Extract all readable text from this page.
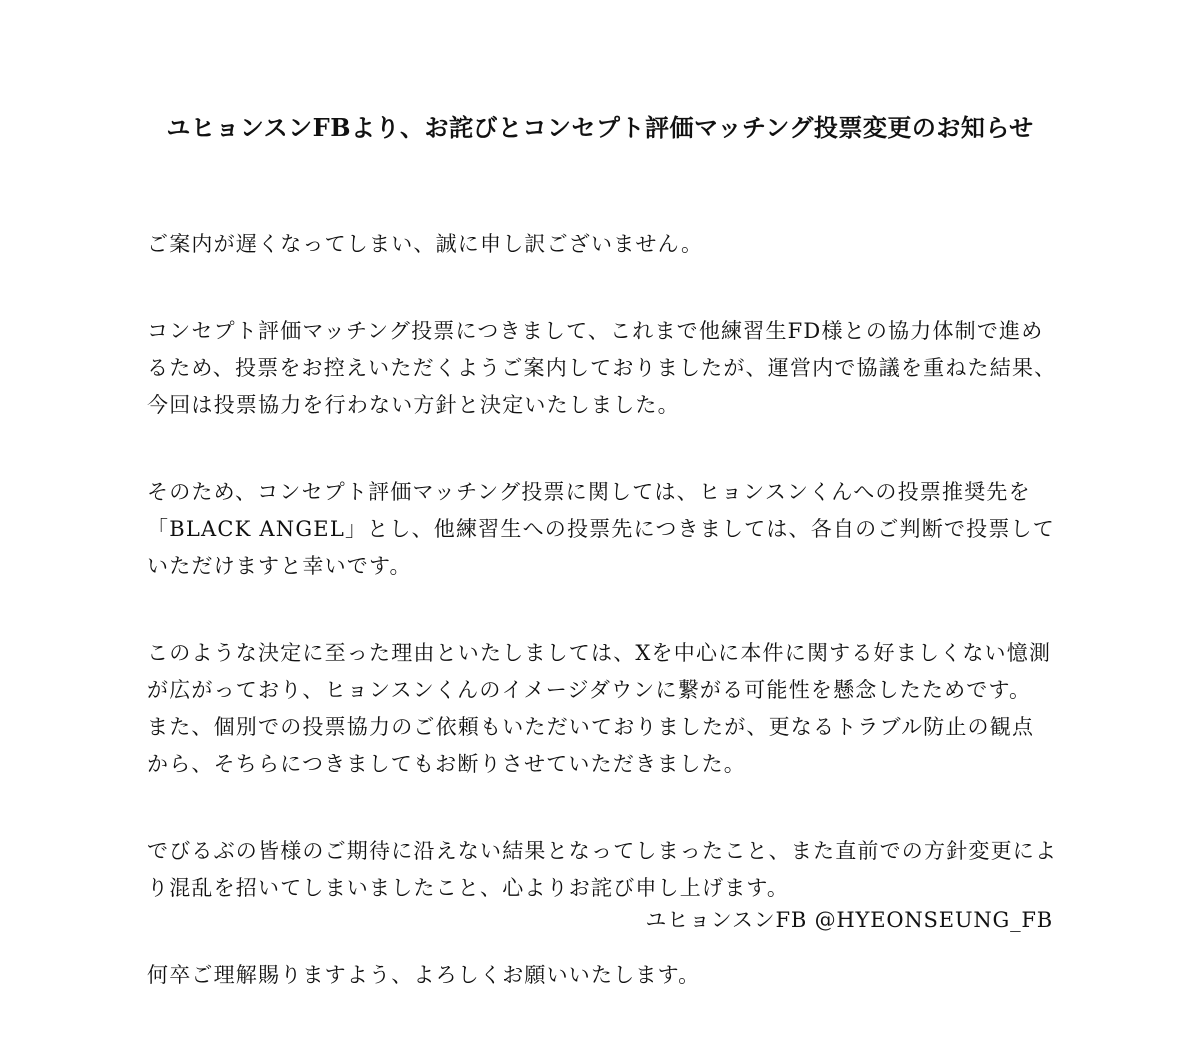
ユヒョンスンFBより、お詫びとコンセプト評価マッチング投票変更のお知らせ

ご案内が遅くなってしまい、誠に申し訳ございません。

コンセプト評価マッチング投票につきまして、これまで他練習生FD様との協力体制で進め
るため、投票をお控えいただくようご案内しておりましたが、運営内で協議を重ねた結果、
今回は投票協力を行わない方針と決定いたしました。

そのため、コンセプト評価マッチング投票に関しては、ヒョンスンくんへの投票推奨先を
「BLACK ANGEL」とし、他練習生への投票先につきましては、各自のご判断で投票して
いただけますと幸いです。

このような決定に至った理由といたしましては、Xを中心に本件に関する好ましくない憶測
が広がっており、ヒョンスンくんのイメージダウンに繋がる可能性を懸念したためです。
また、個別での投票協力のご依頼もいただいておりましたが、更なるトラブル防止の観点
から、そちらにつきましてもお断りさせていただきました。

でびるぶの皆様のご期待に沿えない結果となってしまったこと、また直前での方針変更によ
り混乱を招いてしまいましたこと、心よりお詫び申し上げます。

何卒ご理解賜りますよう、よろしくお願いいたします。

ユヒョンスンFB @HYEONSEUNG_FB
